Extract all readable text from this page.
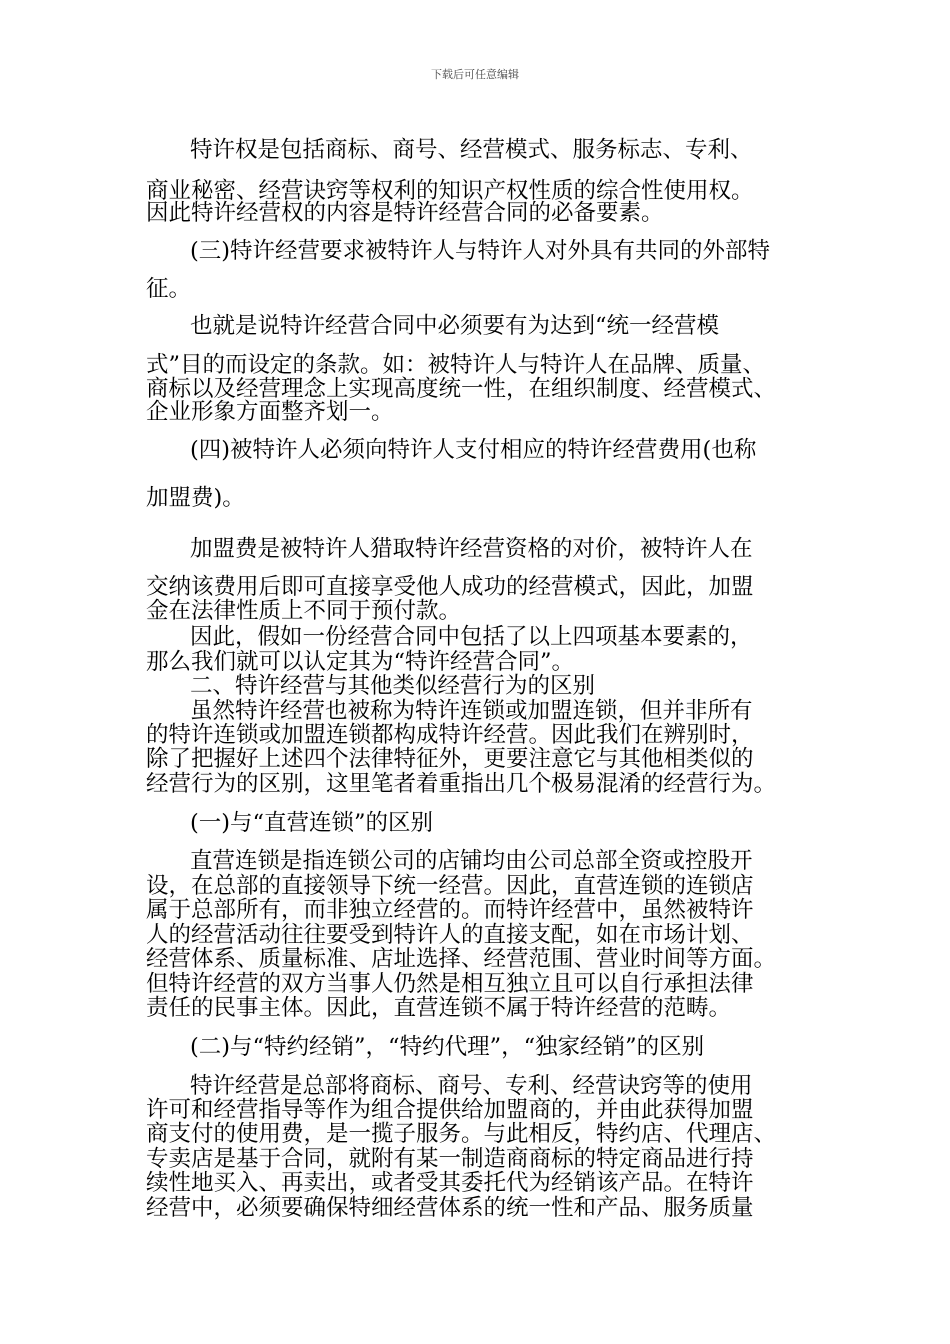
下载后可任意编辑
特许权是包括商标、商号、经营模式、服务标志、专利、
商业秘密、经营诀窍等权利的知识产权性质的综合性使用权。
因此特许经营权的内容是特许经营合同的必备要素。
(三)特许经营要求被特许人与特许人对外具有共同的外部特
征。
也就是说特许经营合同中必须要有为达到“统一经营模
式”目的而设定的条款。如：被特许人与特许人在品牌、质量、
商标以及经营理念上实现高度统一性，在组织制度、经营模式、
企业形象方面整齐划一。
(四)被特许人必须向特许人支付相应的特许经营费用(也称
加盟费)。
加盟费是被特许人猎取特许经营资格的对价，被特许人在
交纳该费用后即可直接享受他人成功的经营模式，因此，加盟
金在法律性质上不同于预付款。
因此，假如一份经营合同中包括了以上四项基本要素的，
那么我们就可以认定其为“特许经营合同”。
二、特许经营与其他类似经营行为的区别
虽然特许经营也被称为特许连锁或加盟连锁，但并非所有
的特许连锁或加盟连锁都构成特许经营。因此我们在辨别时，
除了把握好上述四个法律特征外，更要注意它与其他相类似的
经营行为的区别，这里笔者着重指出几个极易混淆的经营行为。
(一)与“直营连锁”的区别
直营连锁是指连锁公司的店铺均由公司总部全资或控股开
设，在总部的直接领导下统一经营。因此，直营连锁的连锁店
属于总部所有，而非独立经营的。而特许经营中，虽然被特许
人的经营活动往往要受到特许人的直接支配，如在市场计划、
经营体系、质量标准、店址选择、经营范围、营业时间等方面。
但特许经营的双方当事人仍然是相互独立且可以自行承担法律
责任的民事主体。因此，直营连锁不属于特许经营的范畴。
(二)与“特约经销”，“特约代理”，“独家经销”的区别
特许经营是总部将商标、商号、专利、经营诀窍等的使用
许可和经营指导等作为组合提供给加盟商的，并由此获得加盟
商支付的使用费，是一揽子服务。与此相反，特约店、代理店、
专卖店是基于合同，就附有某一制造商商标的特定商品进行持
续性地买入、再卖出，或者受其委托代为经销该产品。在特许
经营中，必须要确保特细经营体系的统一性和产品、服务质量
